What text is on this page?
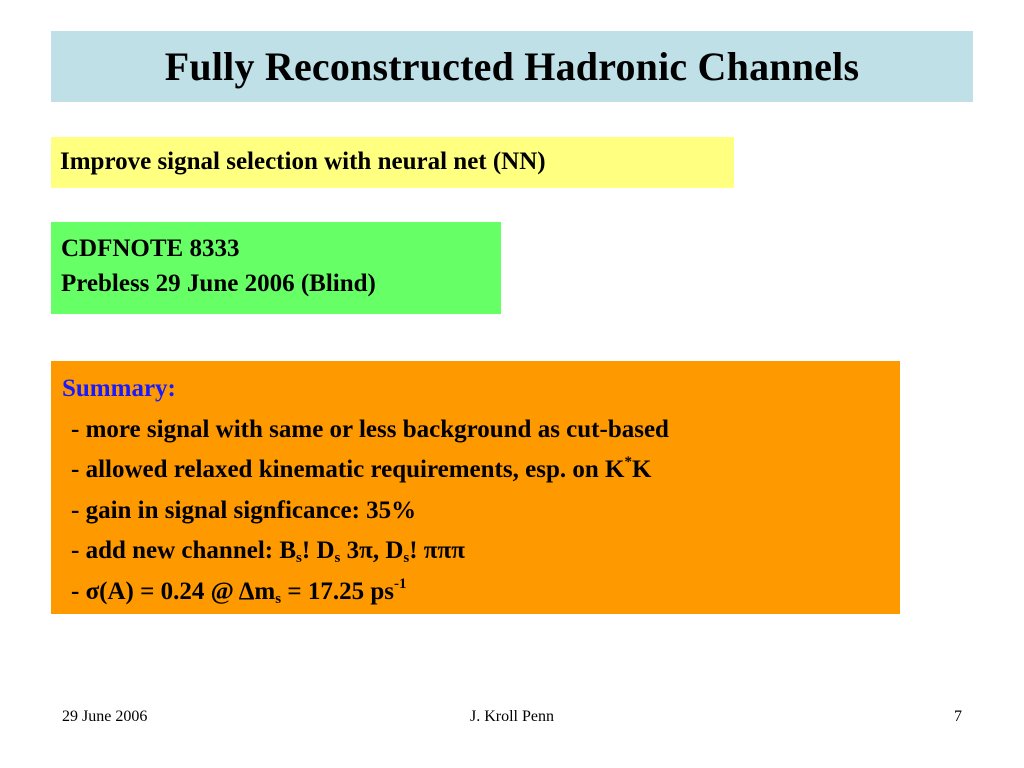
Fully Reconstructed Hadronic Channels
Improve signal selection with neural net (NN)
CDFNOTE 8333
Prebless 29 June 2006 (Blind)
Summary:
- more signal with same or less background as cut-based
- allowed relaxed kinematic requirements, esp. on K*K
- gain in signal signficance: 35%
- add new channel: $B_s$! $D_s$ 3π, $D_s$! πππ
- σ(A) = 0.24 @ $\Delta m_s = 17.25$ $ps^{-1}$
29 June 2006	J. Kroll Penn	7
